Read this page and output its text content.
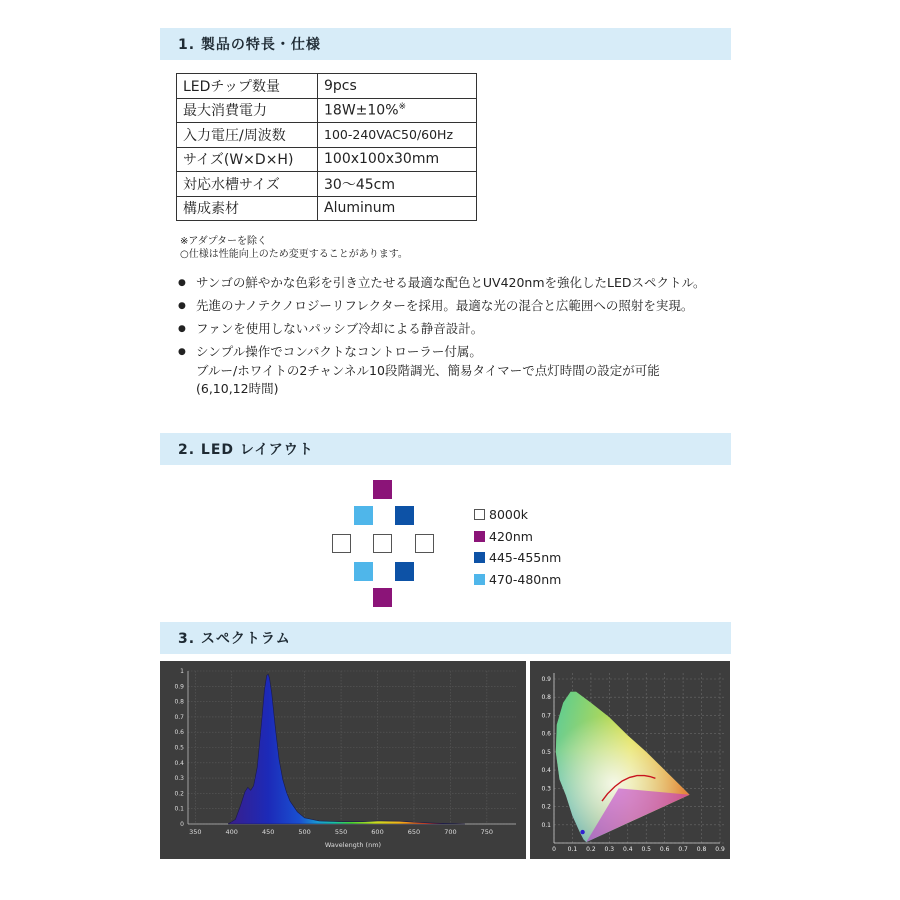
1. 製品の特長・仕様
LEDチップ数量	9pcs
最大消費電力	18W±10%※
入力電圧/周波数	100-240VAC50/60Hz
サイズ(W×D×H)	100x100x30mm
対応水槽サイズ	30〜45cm
構成素材	Aluminum
※アダプターを除く
○仕様は性能向上のため変更することがあります。
● サンゴの鮮やかな色彩を引き立たせる最適な配色とUV420nmを強化したLEDスペクトル。
● 先進のナノテクノロジーリフレクターを採用。最適な光の混合と広範囲への照射を実現。
● ファンを使用しないパッシブ冷却による静音設計。
● シンプル操作でコンパクトなコントローラー付属。
ブルー/ホワイトの2チャンネル10段階調光、簡易タイマーで点灯時間の設定が可能
(6,10,12時間)
2. LED レイアウト
8000k
420nm
445-455nm
470-480nm
3. スペクトラム
0
0.1
0.2
0.3
0.4
0.5
0.6
0.7
0.8
0.9
1
350	400	450	500	550	600	650	700	750
Wavelength (nm)
0 0.1 0.2 0.3 0.4 0.5 0.6 0.7 0.8 0.9
0.1
0.2
0.3
0.4
0.5
0.6
0.7
0.8
0.9
